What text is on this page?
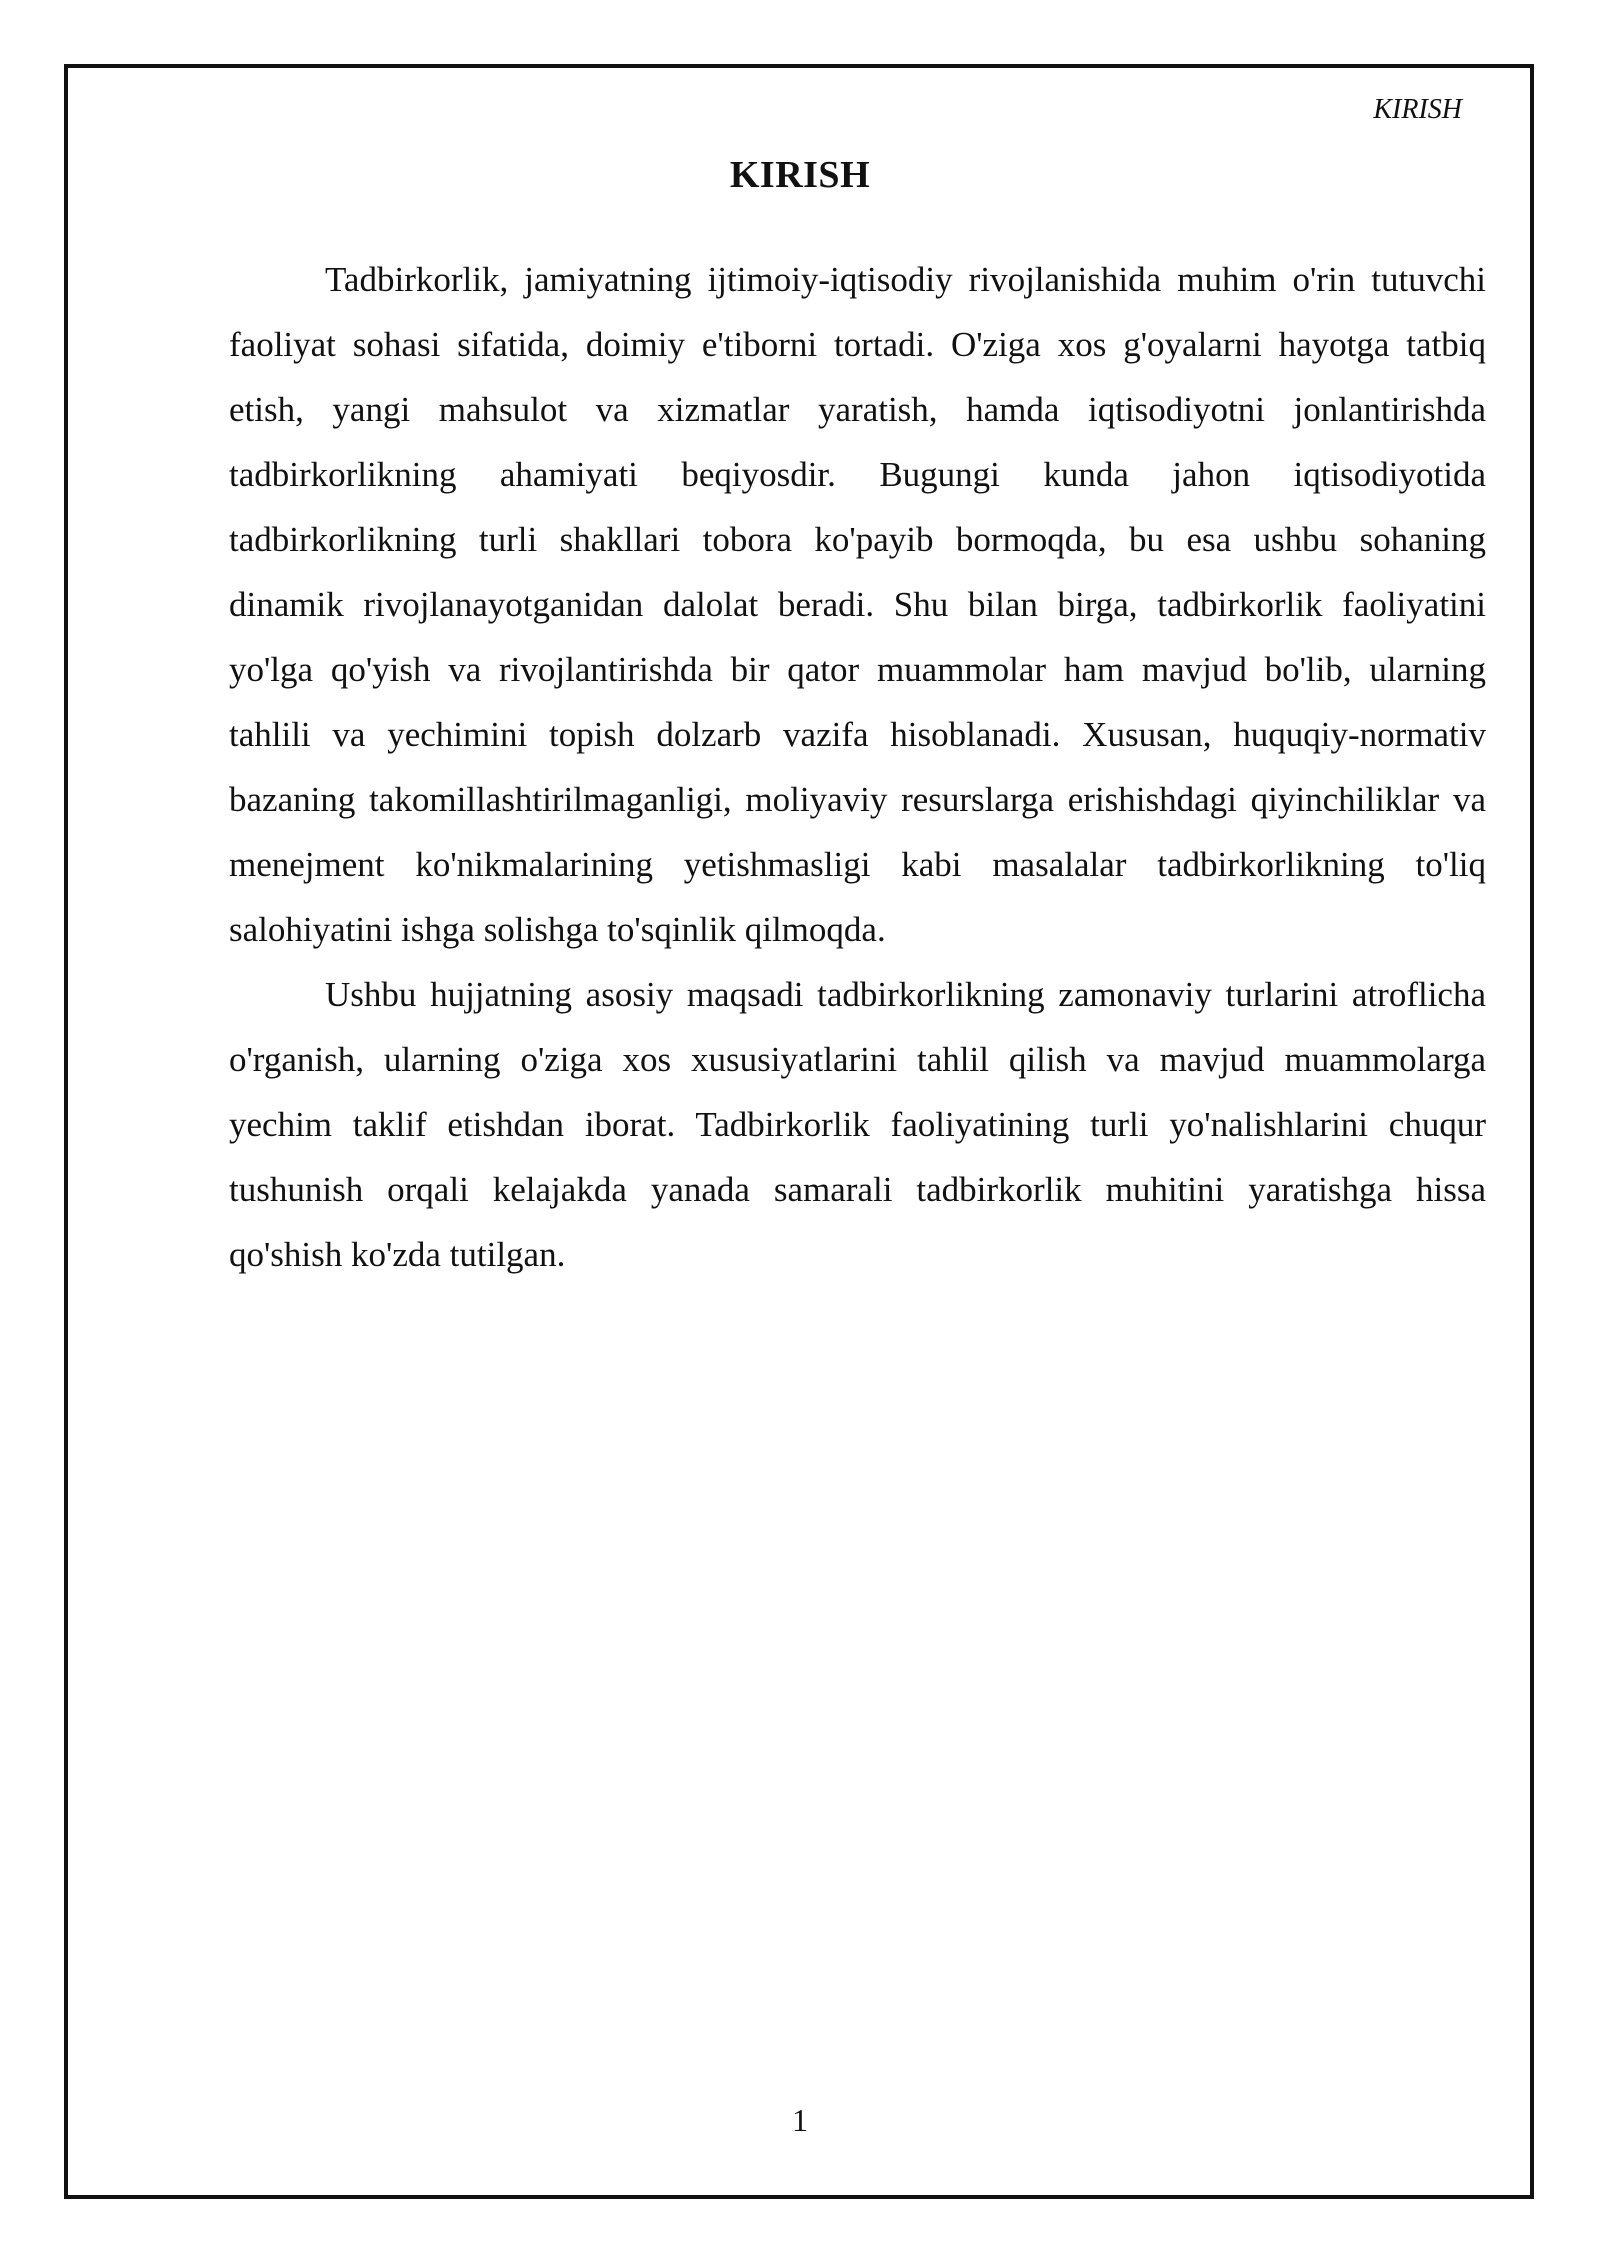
KIRISH
KIRISH

Tadbirkorlik, jamiyatning ijtimoiy-iqtisodiy rivojlanishida muhim o'rin tutuvchi faoliyat sohasi sifatida, doimiy e'tiborni tortadi. O'ziga xos g'oyalarni hayotga tatbiq etish, yangi mahsulot va xizmatlar yaratish, hamda iqtisodiyotni jonlantirishda tadbirkorlikning ahamiyati beqiyosdir. Bugungi kunda jahon iqtisodiyotida tadbirkorlikning turli shakllari tobora ko'payib bormoqda, bu esa ushbu sohaning dinamik rivojlanayotganidan dalolat beradi. Shu bilan birga, tadbirkorlik faoliyatini yo'lga qo'yish va rivojlantirishda bir qator muammolar ham mavjud bo'lib, ularning tahlili va yechimini topish dolzarb vazifa hisoblanadi. Xususan, huquqiy-normativ bazaning takomillashtirilmaganligi, moliyaviy resurslarga erishishdagi qiyinchiliklar va menejment ko'nikmalarining yetishmasligi kabi masalalar tadbirkorlikning to'liq salohiyatini ishga solishga to'sqinlik qilmoqda.

Ushbu hujjatning asosiy maqsadi tadbirkorlikning zamonaviy turlarini atroflicha o'rganish, ularning o'ziga xos xususiyatlarini tahlil qilish va mavjud muammolarga yechim taklif etishdan iborat. Tadbirkorlik faoliyatining turli yo'nalishlarini chuqur tushunish orqali kelajakda yanada samarali tadbirkorlik muhitini yaratishga hissa qo'shish ko'zda tutilgan.

1
